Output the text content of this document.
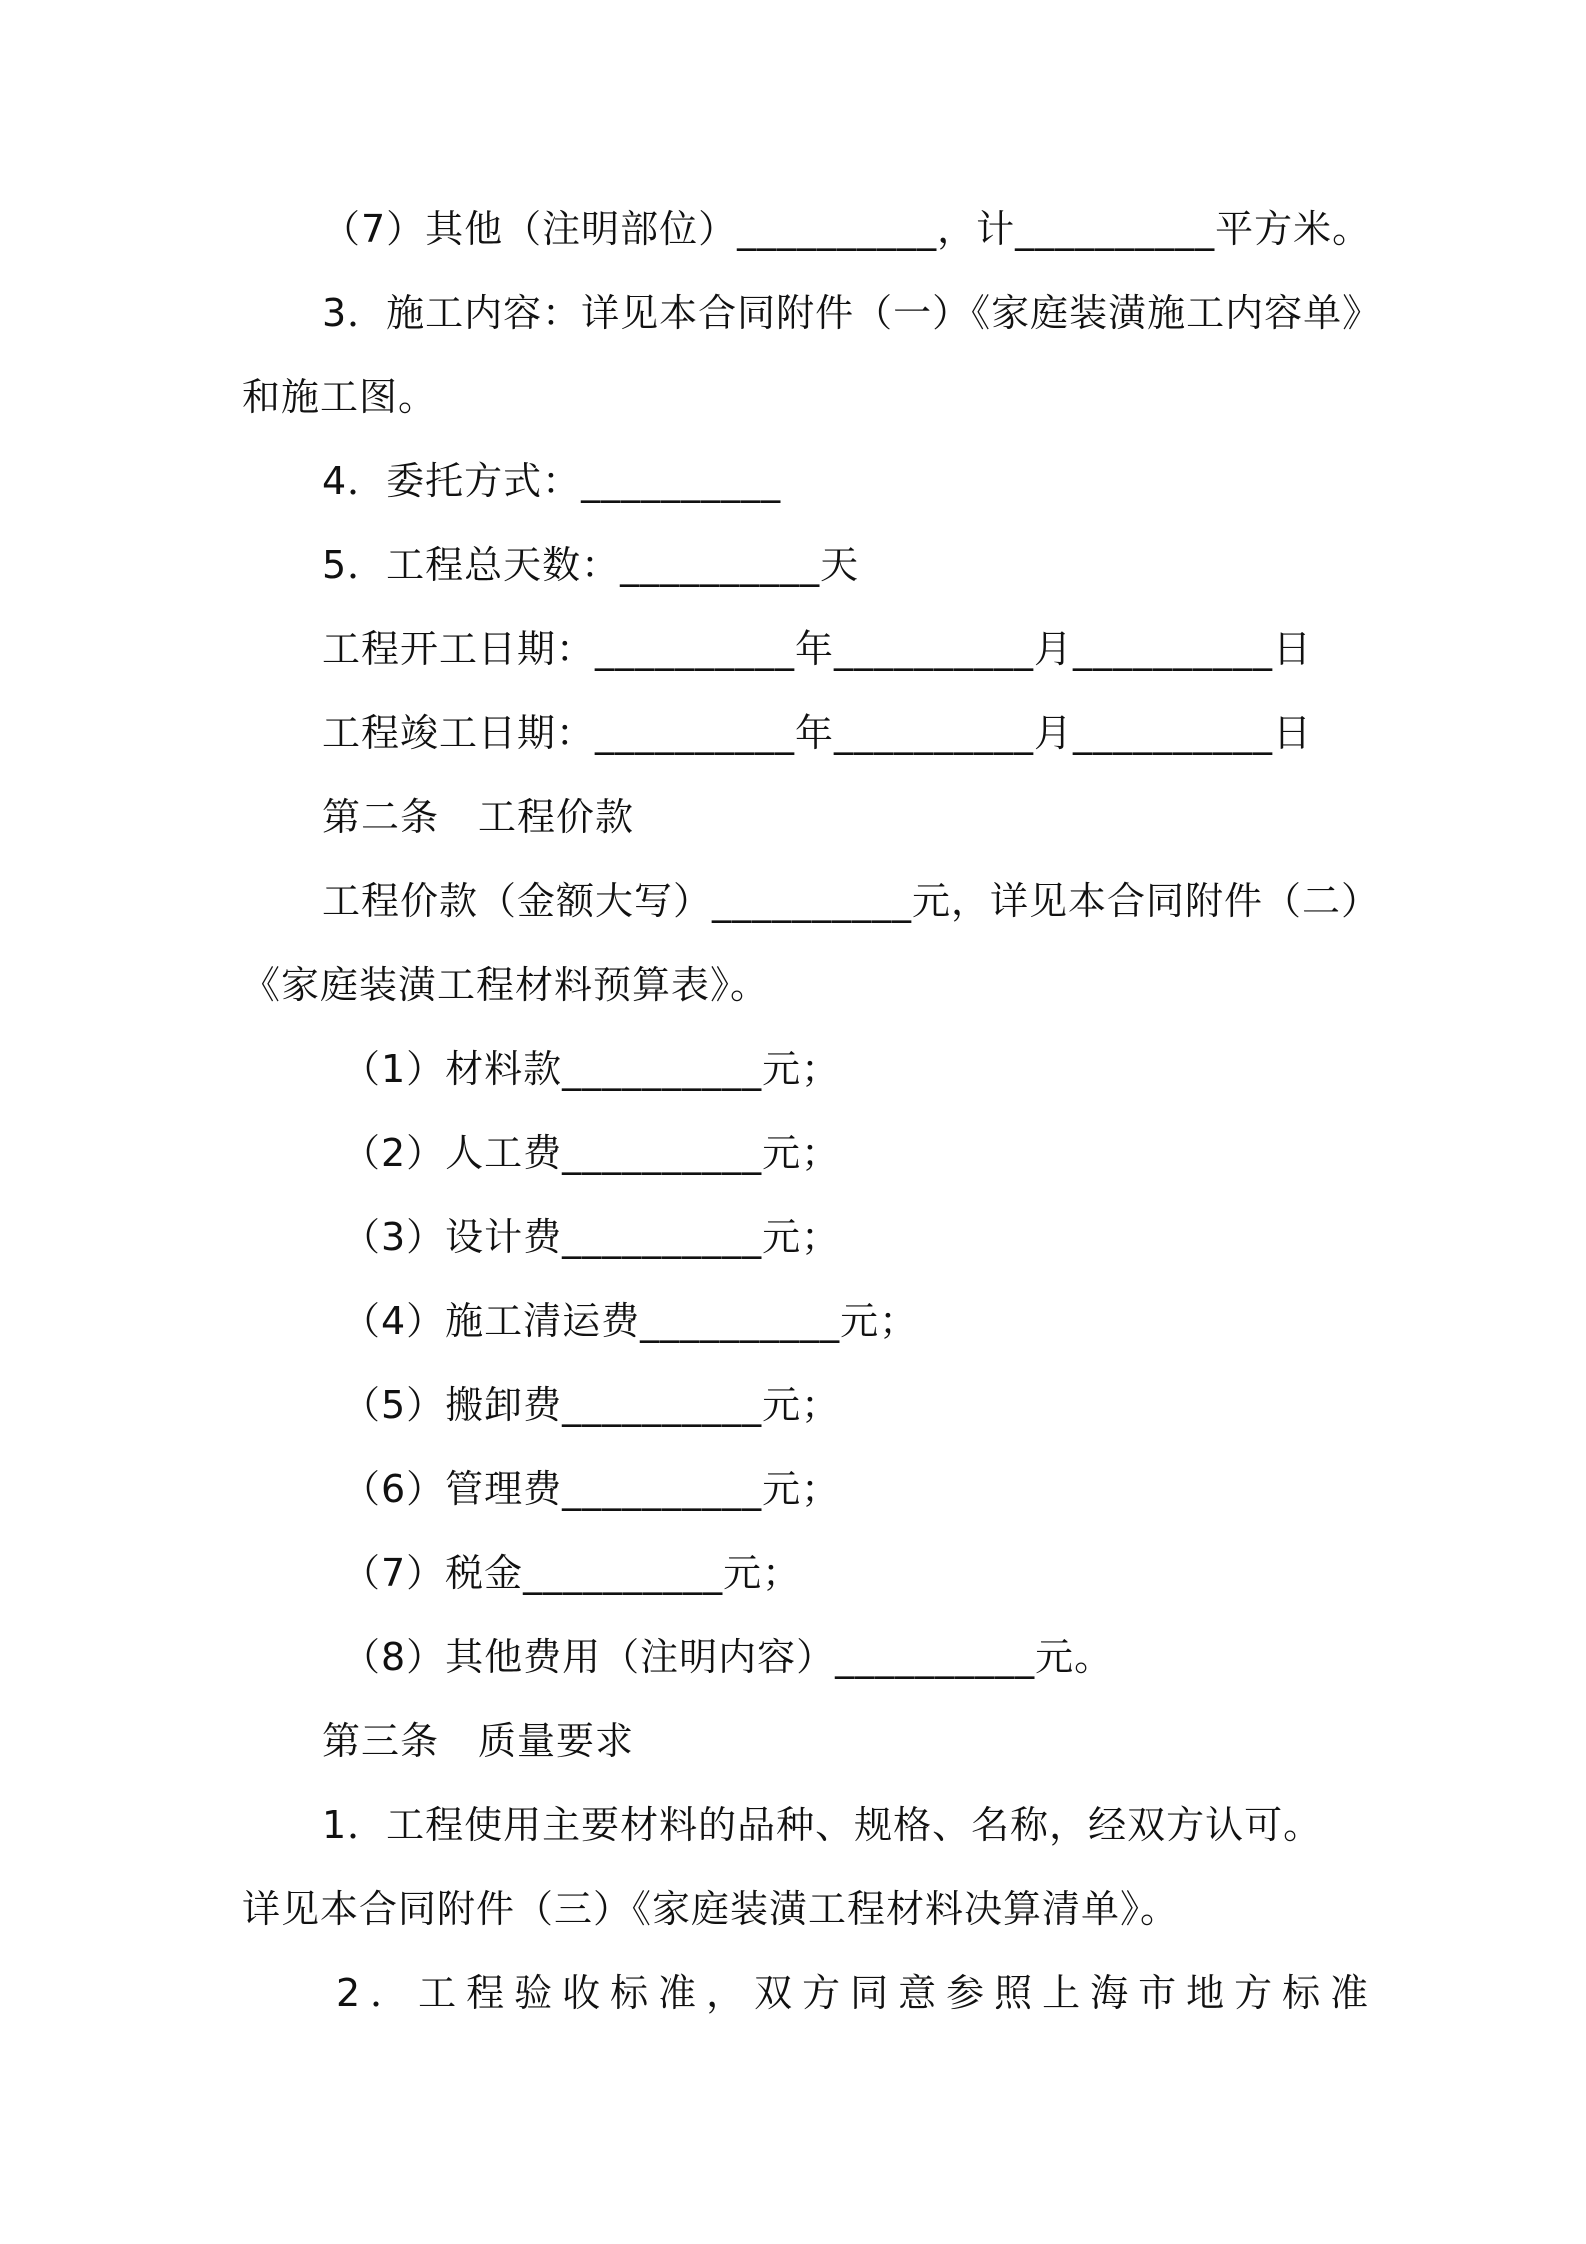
（7）其他（注明部位）__________，计__________平方米。
3．施工内容：详见本合同附件（一）《家庭装潢施工内容单》
和施工图。
4．委托方式：__________
5．工程总天数：__________天
工程开工日期：__________年__________月__________日
工程竣工日期：__________年__________月__________日
第二条　工程价款
工程价款（金额大写）__________元，详见本合同附件（二）
《家庭装潢工程材料预算表》。
（1）材料款__________元；
（2）人工费__________元；
（3）设计费__________元；
（4）施工清运费__________元；
（5）搬卸费__________元；
（6）管理费__________元；
（7）税金__________元；
（8）其他费用（注明内容）__________元。
第三条　质量要求
1．工程使用主要材料的品种、规格、名称，经双方认可。
详见本合同附件（三）《家庭装潢工程材料决算清单》。
2．工程验收标准，双方同意参照上海市地方标准
